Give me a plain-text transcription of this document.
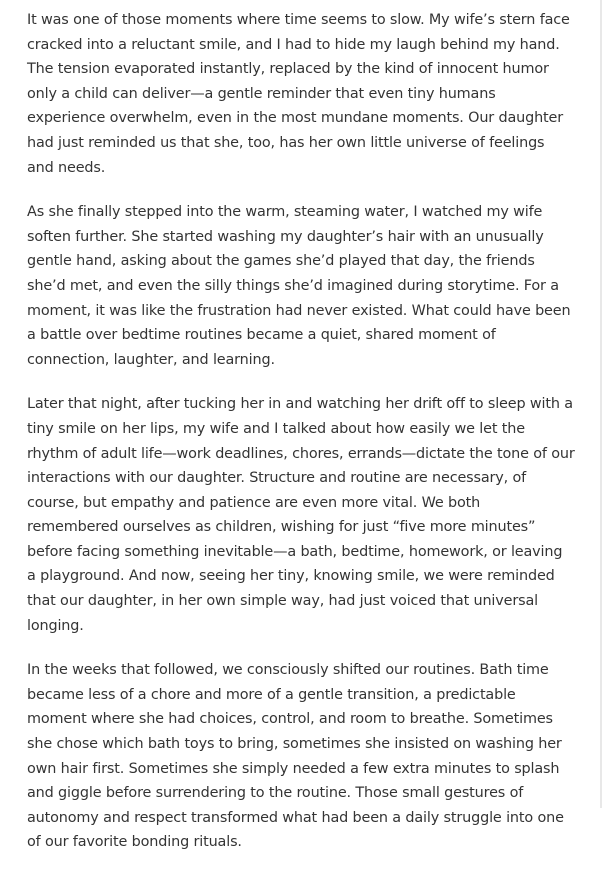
It was one of those moments where time seems to slow. My wife’s stern face cracked into a reluctant smile, and I had to hide my laugh behind my hand. The tension evaporated instantly, replaced by the kind of innocent humor only a child can deliver—a gentle reminder that even tiny humans experience overwhelm, even in the most mundane moments. Our daughter had just reminded us that she, too, has her own little universe of feelings and needs.

As she finally stepped into the warm, steaming water, I watched my wife soften further. She started washing my daughter’s hair with an unusually gentle hand, asking about the games she’d played that day, the friends she’d met, and even the silly things she’d imagined during storytime. For a moment, it was like the frustration had never existed. What could have been a battle over bedtime routines became a quiet, shared moment of connection, laughter, and learning.

Later that night, after tucking her in and watching her drift off to sleep with a tiny smile on her lips, my wife and I talked about how easily we let the rhythm of adult life—work deadlines, chores, errands—dictate the tone of our interactions with our daughter. Structure and routine are necessary, of course, but empathy and patience are even more vital. We both remembered ourselves as children, wishing for just “five more minutes” before facing something inevitable—a bath, bedtime, homework, or leaving a playground. And now, seeing her tiny, knowing smile, we were reminded that our daughter, in her own simple way, had just voiced that universal longing.

In the weeks that followed, we consciously shifted our routines. Bath time became less of a chore and more of a gentle transition, a predictable moment where she had choices, control, and room to breathe. Sometimes she chose which bath toys to bring, sometimes she insisted on washing her own hair first. Sometimes she simply needed a few extra minutes to splash and giggle before surrendering to the routine. Those small gestures of autonomy and respect transformed what had been a daily struggle into one of our favorite bonding rituals.
